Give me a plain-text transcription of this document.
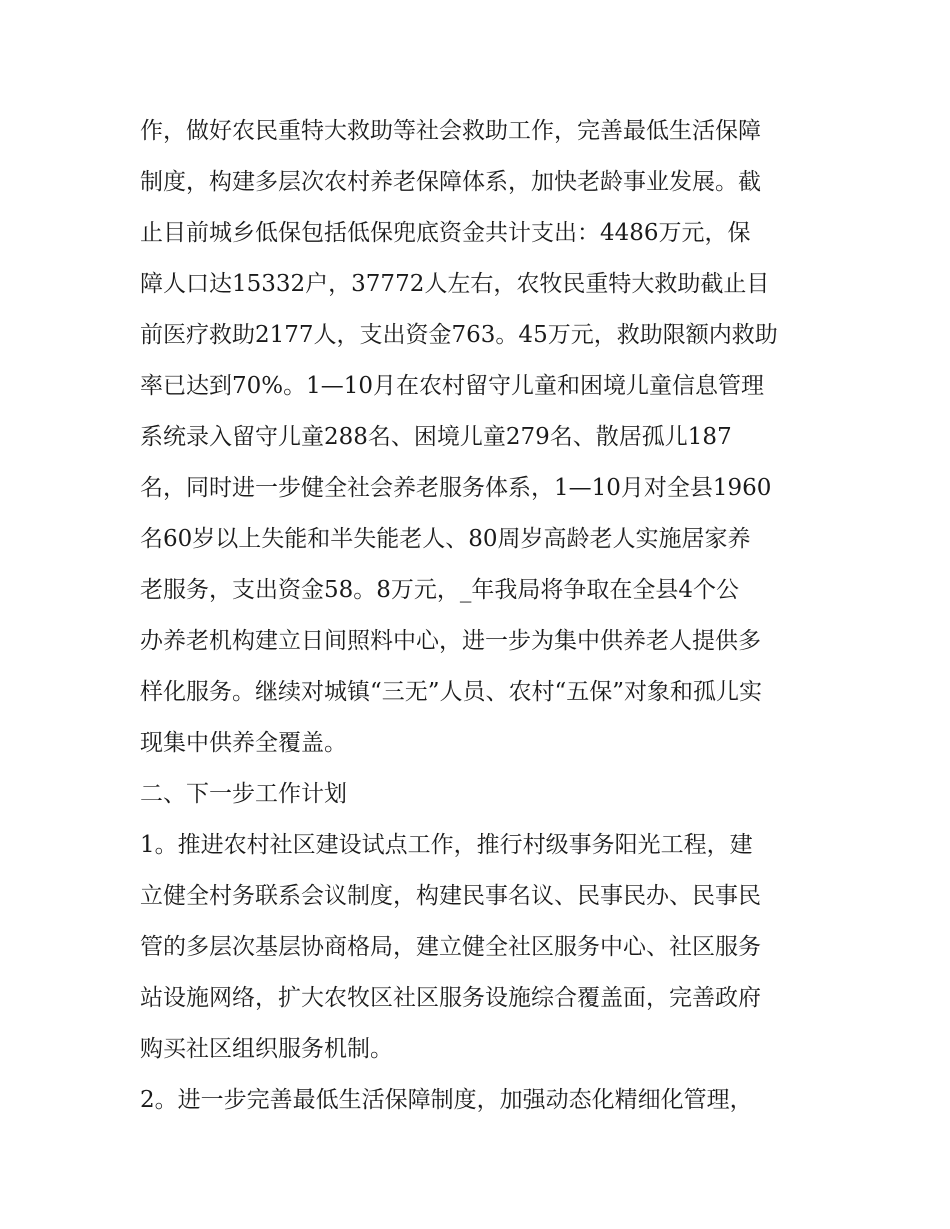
作，做好农民重特大救助等社会救助工作，完善最低生活保障
制度，构建多层次农村养老保障体系，加快老龄事业发展。截
止目前城乡低保包括低保兜底资金共计支出：4486万元，保
障人口达15332户，37772人左右，农牧民重特大救助截止目
前医疗救助2177人，支出资金763。45万元，救助限额内救助
率已达到70%。1—10月在农村留守儿童和困境儿童信息管理
系统录入留守儿童288名、困境儿童279名、散居孤儿187
名，同时进一步健全社会养老服务体系，1—10月对全县1960
名60岁以上失能和半失能老人、80周岁高龄老人实施居家养
老服务，支出资金58。8万元，_年我局将争取在全县4个公
办养老机构建立日间照料中心，进一步为集中供养老人提供多
样化服务。继续对城镇“三无”人员、农村“五保”对象和孤儿实
现集中供养全覆盖。
二、下一步工作计划
1。推进农村社区建设试点工作，推行村级事务阳光工程，建
立健全村务联系会议制度，构建民事名议、民事民办、民事民
管的多层次基层协商格局，建立健全社区服务中心、社区服务
站设施网络，扩大农牧区社区服务设施综合覆盖面，完善政府
购买社区组织服务机制。
2。进一步完善最低生活保障制度，加强动态化精细化管理，
